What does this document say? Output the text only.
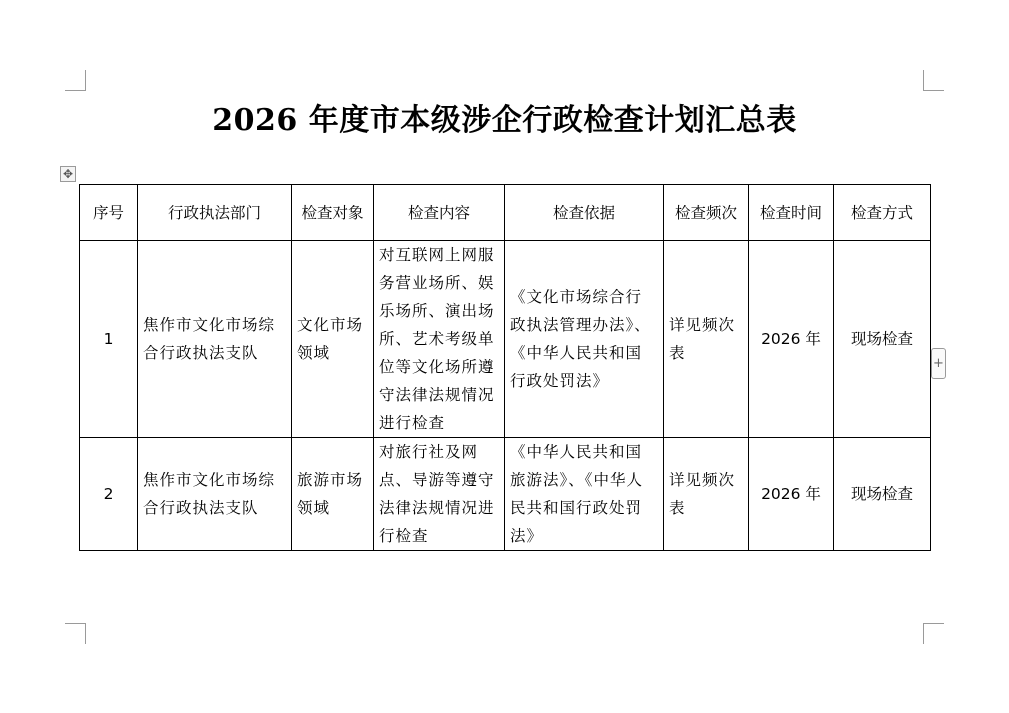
2026 年度市本级涉企行政检查计划汇总表
✥
序号	行政执法部门	检查对象	检查内容	检查依据	检查频次	检查时间	检查方式
1	焦作市文化市场综合行政执法支队	文化市场领域	对互联网上网服务营业场所、娱乐场所、演出场所、艺术考级单位等文化场所遵守法律法规情况进行检查	《文化市场综合行政执法管理办法》、《中华人民共和国行政处罚法》	详见频次表	2026 年	现场检查
2	焦作市文化市场综合行政执法支队	旅游市场领域	对旅行社及网点、导游等遵守法律法规情况进行检查	《中华人民共和国旅游法》、《中华人民共和国行政处罚法》	详见频次表	2026 年	现场检查
+
